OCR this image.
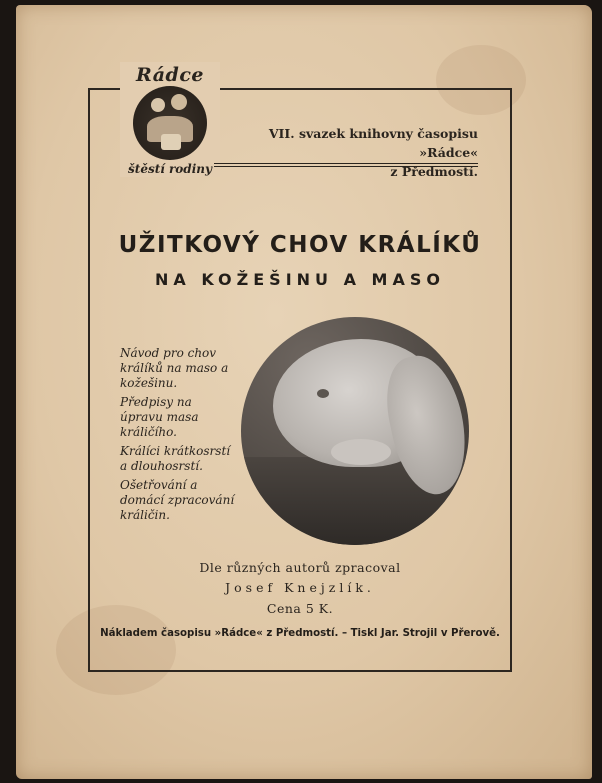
Rádce
štěstí rodiny
VII. svazek knihovny časopisu »Rádce«
z Předmostí.
UŽITKOVÝ CHOV KRÁLÍKŮ
NA KOŽEŠINU A MASO
Návod pro chov králíků na maso a kožešinu.
Předpisy na úpravu masa králičího.
Králíci krátkosrstí a dlouhosrstí.
Ošetřování a domácí zpracování králičin.
Dle různých autorů zpracoval
Josef Knejzlík.
Cena 5 K.
Nákladem časopisu »Rádce« z Předmostí. – Tiskl Jar. Strojil v Přerově.
